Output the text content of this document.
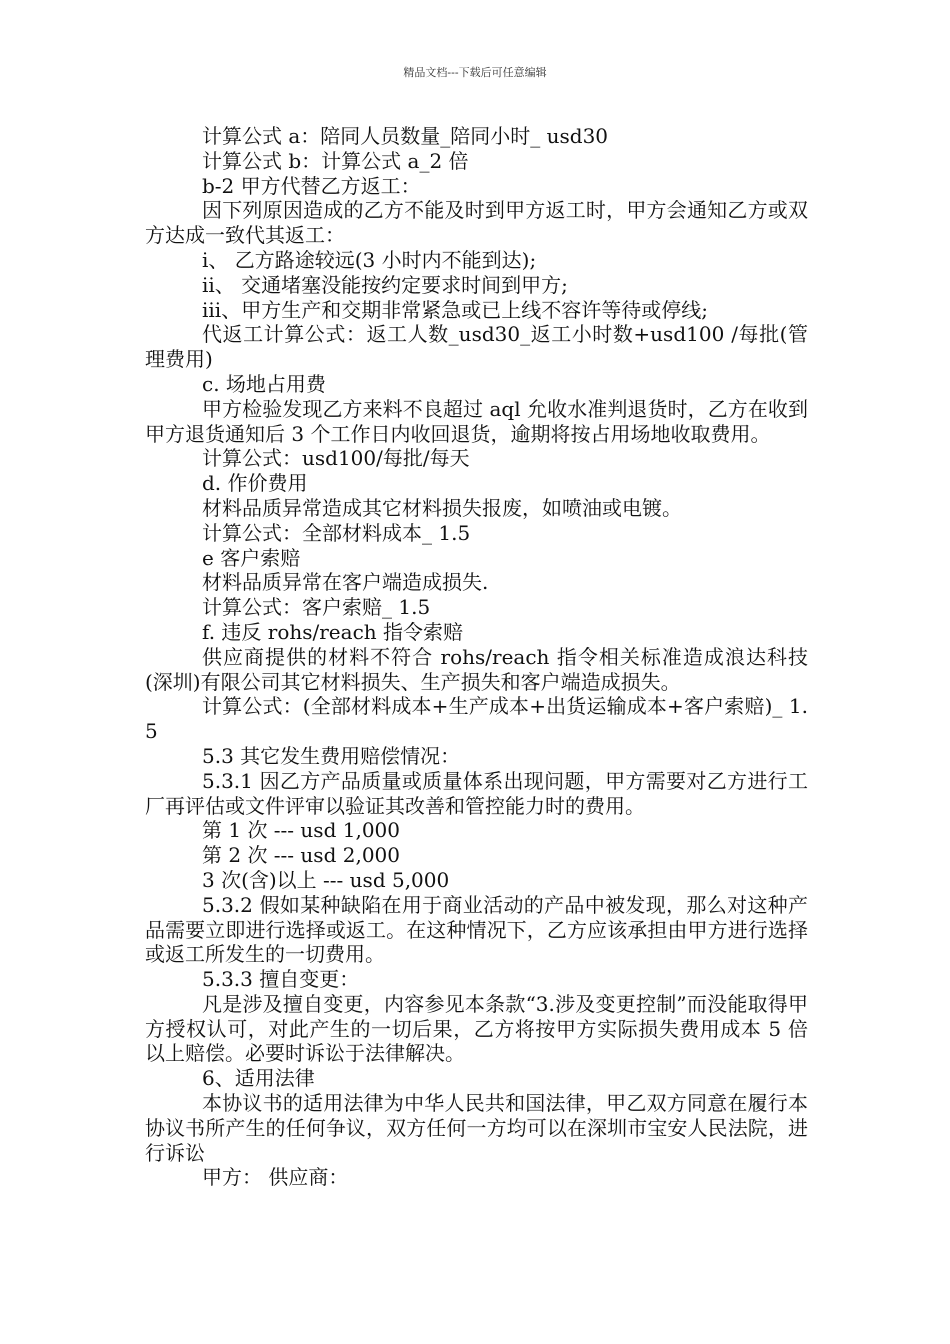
精品文档---下载后可任意编辑

计算公式 a：陪同人员数量_陪同小时_ usd30

计算公式 b：计算公式 a_2 倍

b-2 甲方代替乙方返工：

因下列原因造成的乙方不能及时到甲方返工时，甲方会通知乙方或双方达成一致代其返工：

i、 乙方路途较远(3 小时内不能到达);

ii、 交通堵塞没能按约定要求时间到甲方;

iii、甲方生产和交期非常紧急或已上线不容许等待或停线;

代返工计算公式：返工人数_usd30_返工小时数+usd100 /每批(管理费用)

c. 场地占用费

甲方检验发现乙方来料不良超过 aql 允收水准判退货时，乙方在收到甲方退货通知后 3 个工作日内收回退货，逾期将按占用场地收取费用。

计算公式：usd100/每批/每天

d. 作价费用

材料品质异常造成其它材料损失报废，如喷油或电镀。

计算公式：全部材料成本_ 1.5

e 客户索赔

材料品质异常在客户端造成损失.

计算公式：客户索赔_ 1.5

f. 违反 rohs/reach 指令索赔

供应商提供的材料不符合 rohs/reach 指令相关标准造成浪达科技(深圳)有限公司其它材料损失、生产损失和客户端造成损失。

计算公式：(全部材料成本+生产成本+出货运输成本+客户索赔)_ 1.5

5.3 其它发生费用赔偿情况：

5.3.1 因乙方产品质量或质量体系出现问题，甲方需要对乙方进行工厂再评估或文件评审以验证其改善和管控能力时的费用。

第 1 次 --- usd 1,000

第 2 次 --- usd 2,000

3 次(含)以上 --- usd 5,000

5.3.2 假如某种缺陷在用于商业活动的产品中被发现，那么对这种产品需要立即进行选择或返工。在这种情况下，乙方应该承担由甲方进行选择或返工所发生的一切费用。

5.3.3 擅自变更：

凡是涉及擅自变更，内容参见本条款“3.涉及变更控制”而没能取得甲方授权认可，对此产生的一切后果，乙方将按甲方实际损失费用成本 5 倍以上赔偿。必要时诉讼于法律解决。

6、适用法律

本协议书的适用法律为中华人民共和国法律，甲乙双方同意在履行本协议书所产生的任何争议，双方任何一方均可以在深圳市宝安人民法院，进行诉讼

甲方： 供应商：
